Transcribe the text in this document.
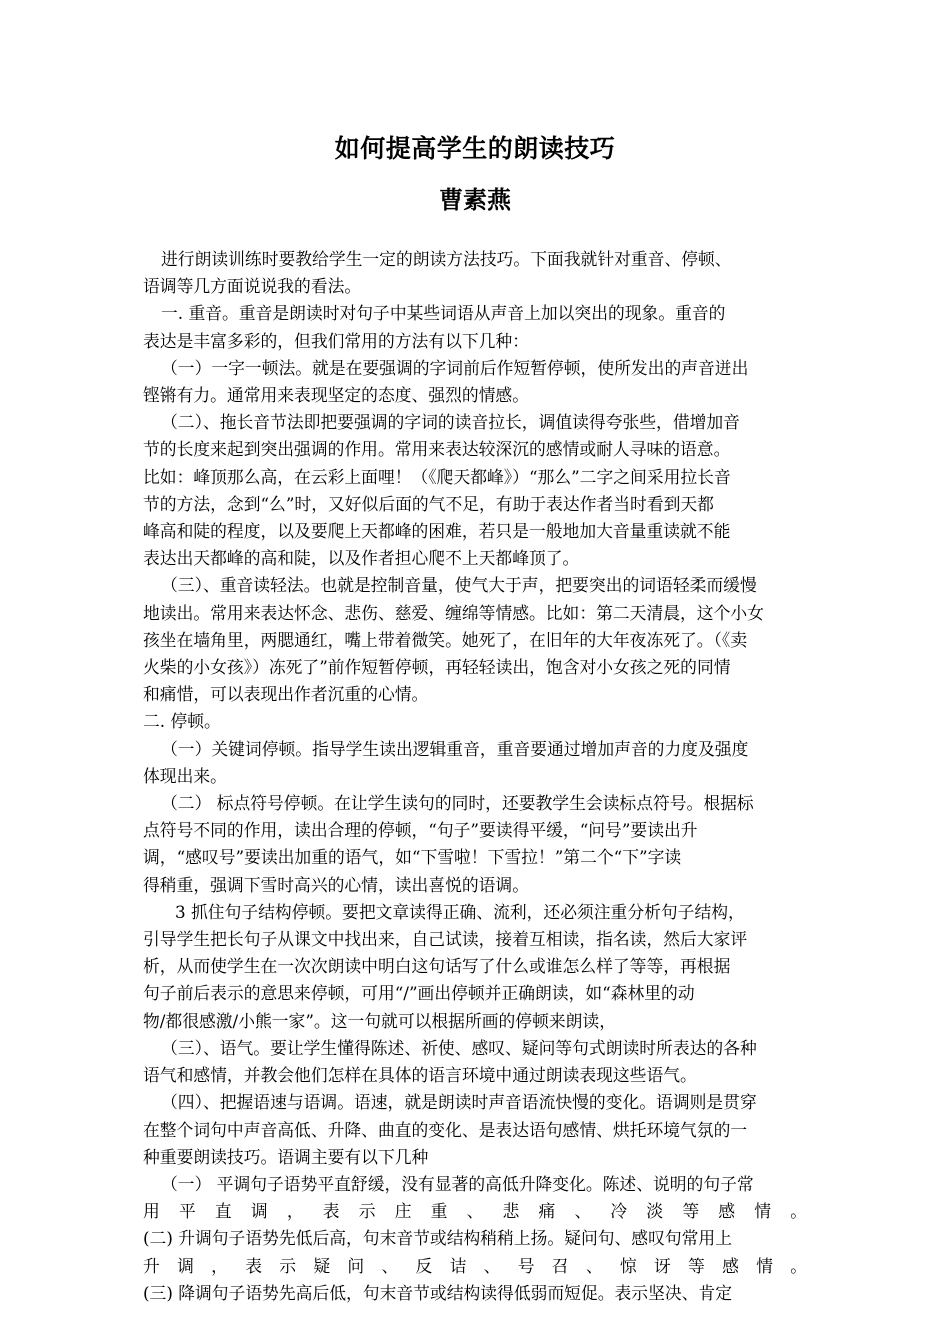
如何提高学生的朗读技巧
曹素燕

进行朗读训练时要教给学生一定的朗读方法技巧。下面我就针对重音、停顿、

语调等几方面说说我的看法。

一. 重音。重音是朗读时对句子中某些词语从声音上加以突出的现象。重音的

表达是丰富多彩的，但我们常用的方法有以下几种：

（一）一字一顿法。就是在要强调的字词前后作短暂停顿，使所发出的声音迸出

铿锵有力。通常用来表现坚定的态度、强烈的情感。

（二）、拖长音节法即把要强调的字词的读音拉长，调值读得夸张些，借增加音

节的长度来起到突出强调的作用。常用来表达较深沉的感情或耐人寻味的语意。

比如：峰顶那么高，在云彩上面哩！（《爬天都峰》）“那么”二字之间采用拉长音

节的方法，念到“么”时，又好似后面的气不足，有助于表达作者当时看到天都

峰高和陡的程度，以及要爬上天都峰的困难，若只是一般地加大音量重读就不能

表达出天都峰的高和陡，以及作者担心爬不上天都峰顶了。

（三）、重音读轻法。也就是控制音量，使气大于声，把要突出的词语轻柔而缓慢

地读出。常用来表达怀念、悲伤、慈爱、缠绵等情感。比如：第二天清晨，这个小女

孩坐在墙角里，两腮通红，嘴上带着微笑。她死了，在旧年的大年夜冻死了。（《卖

火柴的小女孩》）冻死了”前作短暂停顿，再轻轻读出，饱含对小女孩之死的同情

和痛惜，可以表现出作者沉重的心情。

二. 停顿。

（一）关键词停顿。指导学生读出逻辑重音，重音要通过增加声音的力度及强度

体现出来。

（二） 标点符号停顿。在让学生读句的同时，还要教学生会读标点符号。根据标

点符号不同的作用，读出合理的停顿，“句子”要读得平缓，“问号”要读出升

调，“感叹号”要读出加重的语气，如“下雪啦！下雪拉！”第二个“下”字读

得稍重，强调下雪时高兴的心情，读出喜悦的语调。

3 抓住句子结构停顿。要把文章读得正确、流利，还必须注重分析句子结构，

引导学生把长句子从课文中找出来，自己试读，接着互相读，指名读，然后大家评

析，从而使学生在一次次朗读中明白这句话写了什么或谁怎么样了等等，再根据

句子前后表示的意思来停顿，可用“/”画出停顿并正确朗读，如“森林里的动

物/都很感激/小熊一家”。这一句就可以根据所画的停顿来朗读，

（三）、语气。要让学生懂得陈述、祈使、感叹、疑问等句式朗读时所表达的各种

语气和感情，并教会他们怎样在具体的语言环境中通过朗读表现这些语气。

（四）、把握语速与语调。语速，就是朗读时声音语流快慢的变化。语调则是贯穿

在整个词句中声音高低、升降、曲直的变化、是表达语句感情、烘托环境气氛的一

种重要朗读技巧。语调主要有以下几种

（一） 平调句子语势平直舒缓，没有显著的高低升降变化。陈述、说明的句子常

用 平 直 调 ， 表 示 庄 重 、 悲 痛 、 冷 淡 等 感 情 。

(二) 升调句子语势先低后高，句末音节或结构稍稍上扬。疑问句、感叹句常用上

升 调 ， 表 示 疑 问 、 反 诘 、 号 召 、 惊 讶 等 感 情 。

(三) 降调句子语势先高后低，句末音节或结构读得低弱而短促。表示坚决、肯定
